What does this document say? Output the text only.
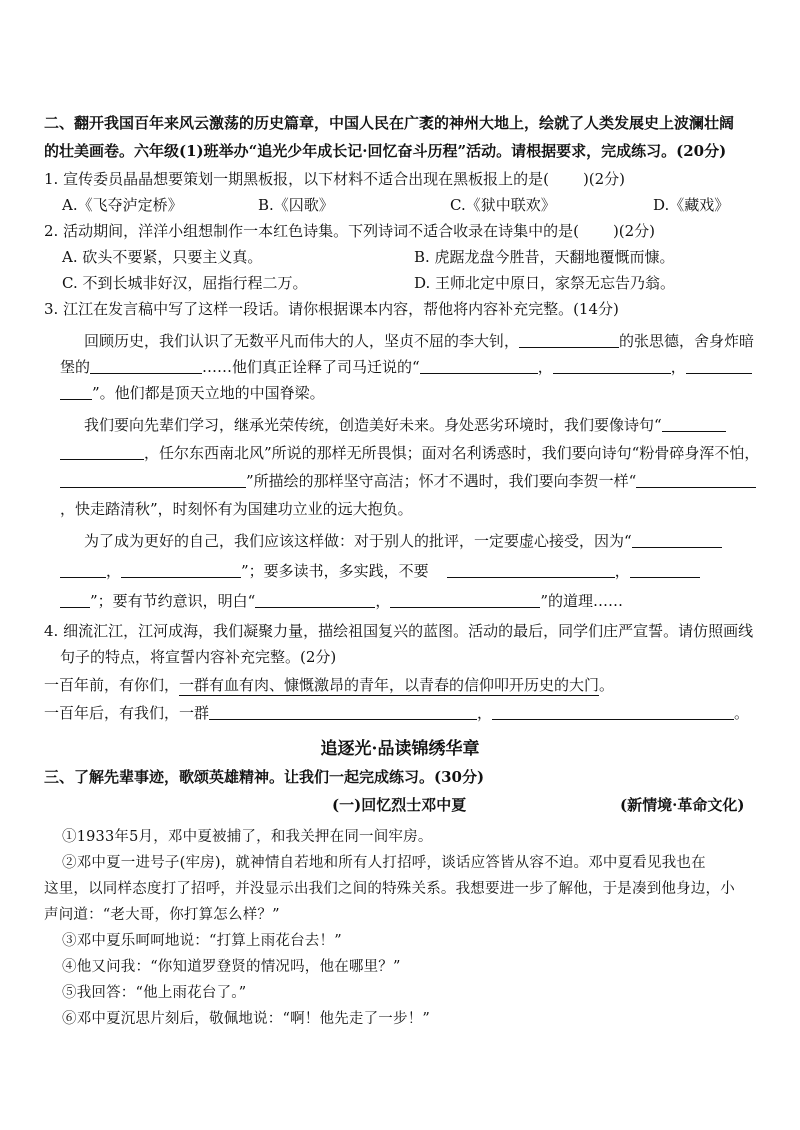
二、翻开我国百年来风云激荡的历史篇章，中国人民在广袤的神州大地上，绘就了人类发展史上波澜壮阔
的壮美画卷。六年级(1)班举办“追光少年成长记·回忆奋斗历程”活动。请根据要求，完成练习。(20分)
1. 宣传委员晶晶想要策划一期黑板报，以下材料不适合出现在黑板报上的是( )(2分)
A.《飞夺泸定桥》	B.《囚歌》	C.《狱中联欢》	D.《藏戏》
2. 活动期间，洋洋小组想制作一本红色诗集。下列诗词不适合收录在诗集中的是( )(2分)
A. 砍头不要紧，只要主义真。	B. 虎踞龙盘今胜昔，天翻地覆慨而慷。
C. 不到长城非好汉，屈指行程二万。	D. 王师北定中原日，家祭无忘告乃翁。
3. 江江在发言稿中写了这样一段话。请你根据课本内容，帮他将内容补充完整。(14分)
回顾历史，我们认识了无数平凡而伟大的人，坚贞不屈的李大钊，	的张思德，舍身炸暗
堡的	……他们真正诠释了司马迁说的“	，	，
”。他们都是顶天立地的中国脊梁。
我们要向先辈们学习，继承光荣传统，创造美好未来。身处恶劣环境时，我们要像诗句“
，任尔东西南北风”所说的那样无所畏惧；面对名利诱惑时，我们要向诗句“粉骨碎身浑不怕，
”所描绘的那样坚守高洁；怀才不遇时，我们要向李贺一样“
，快走踏清秋”，时刻怀有为国建功立业的远大抱负。
为了成为更好的自己，我们应该这样做：对于别人的批评，一定要虚心接受，因为“
，	”；要多读书，多实践，不要	，
”；要有节约意识，明白“	，	”的道理……
4. 细流汇江，江河成海，我们凝聚力量，描绘祖国复兴的蓝图。活动的最后，同学们庄严宣誓。请仿照画线
句子的特点，将宣誓内容补充完整。(2分)
一百年前，有你们，一群有血有肉、慷慨激昂的青年，以青春的信仰叩开历史的大门。
一百年后，有我们，一群	，	。
追逐光·品读锦绣华章
三、了解先辈事迹，歌颂英雄精神。让我们一起完成练习。(30分)
(一)回忆烈士邓中夏	(新情境·革命文化)
①1933年5月，邓中夏被捕了，和我关押在同一间牢房。
②邓中夏一进号子(牢房)，就神情自若地和所有人打招呼，谈话应答皆从容不迫。邓中夏看见我也在
这里，以同样态度打了招呼，并没显示出我们之间的特殊关系。我想要进一步了解他，于是凑到他身边，小
声问道：“老大哥，你打算怎么样？”
③邓中夏乐呵呵地说：“打算上雨花台去！”
④他又问我：“你知道罗登贤的情况吗，他在哪里？”
⑤我回答：“他上雨花台了。”
⑥邓中夏沉思片刻后，敬佩地说：“啊！他先走了一步！”
